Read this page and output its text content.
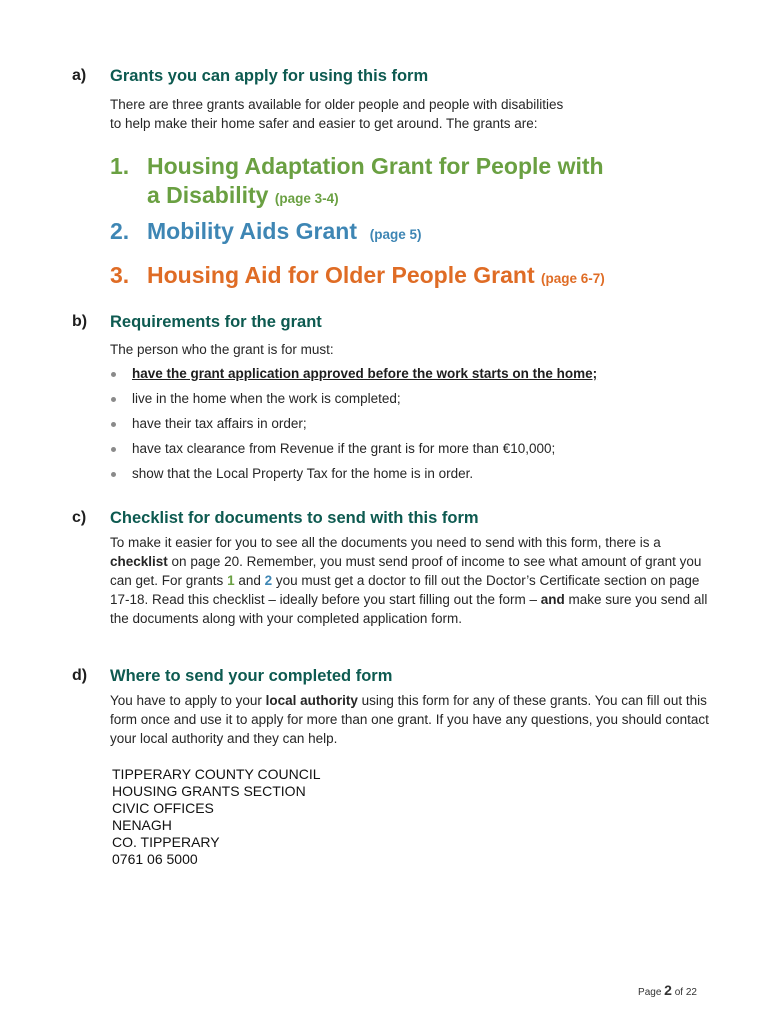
a)	Grants you can apply for using this form
There are three grants available for older people and people with disabilities
to help make their home safer and easier to get around. The grants are:
1. Housing Adaptation Grant for People with
a Disability (page 3-4)
2. Mobility Aids Grant (page 5)
3. Housing Aid for Older People Grant (page 6-7)
b)	Requirements for the grant
The person who the grant is for must:
have the grant application approved before the work starts on the home;
live in the home when the work is completed;
have their tax affairs in order;
have tax clearance from Revenue if the grant is for more than €10,000;
show that the Local Property Tax for the home is in order.
c)	Checklist for documents to send with this form
To make it easier for you to see all the documents you need to send with this form, there is a checklist on page 20. Remember, you must send proof of income to see what amount of grant you can get. For grants 1 and 2 you must get a doctor to fill out the Doctor’s Certificate section on page 17-18. Read this checklist – ideally before you start filling out the form – and make sure you send all the documents along with your completed application form.
d)	Where to send your completed form
You have to apply to your local authority using this form for any of these grants. You can fill out this form once and use it to apply for more than one grant. If you have any questions, you should contact your local authority and they can help.
TIPPERARY COUNTY COUNCIL
HOUSING GRANTS SECTION
CIVIC OFFICES
NENAGH
CO. TIPPERARY
0761 06 5000
Page 2 of 22
